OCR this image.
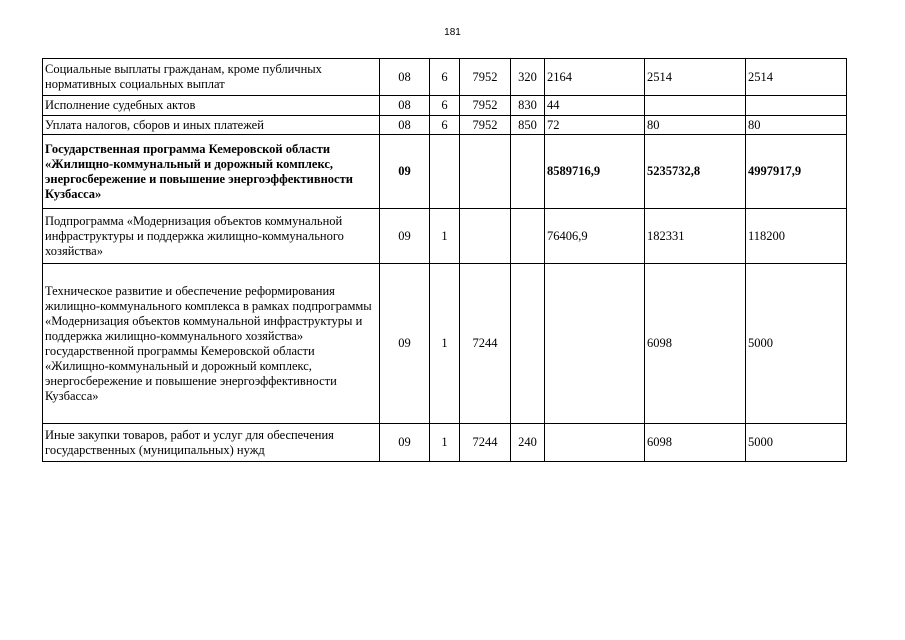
181
Социальные выплаты гражданам, кроме публичных нормативных социальных выплат	08	6	7952	320	2164	2514	2514
Исполнение судебных актов	08	6	7952	830	44		
Уплата налогов, сборов и иных платежей	08	6	7952	850	72	80	80
Государственная программа Кемеровской области «Жилищно-коммунальный и дорожный комплекс, энергосбережение и повышение энергоэффективности Кузбасса»	09				8589716,9	5235732,8	4997917,9
Подпрограмма «Модернизация объектов коммунальной инфраструктуры и поддержка жилищно-коммунального хозяйства»	09	1			76406,9	182331	118200
Техническое развитие и обеспечение реформирования жилищно-коммунального комплекса в рамках подпрограммы «Модернизация объектов коммунальной инфраструктуры и поддержка жилищно-коммунального хозяйства» государственной программы Кемеровской области «Жилищно-коммунальный и дорожный комплекс, энергосбережение и повышение энергоэффективности Кузбасса»	09	1	7244			6098	5000
Иные закупки товаров, работ и услуг для обеспечения государственных (муниципальных) нужд	09	1	7244	240		6098	5000
